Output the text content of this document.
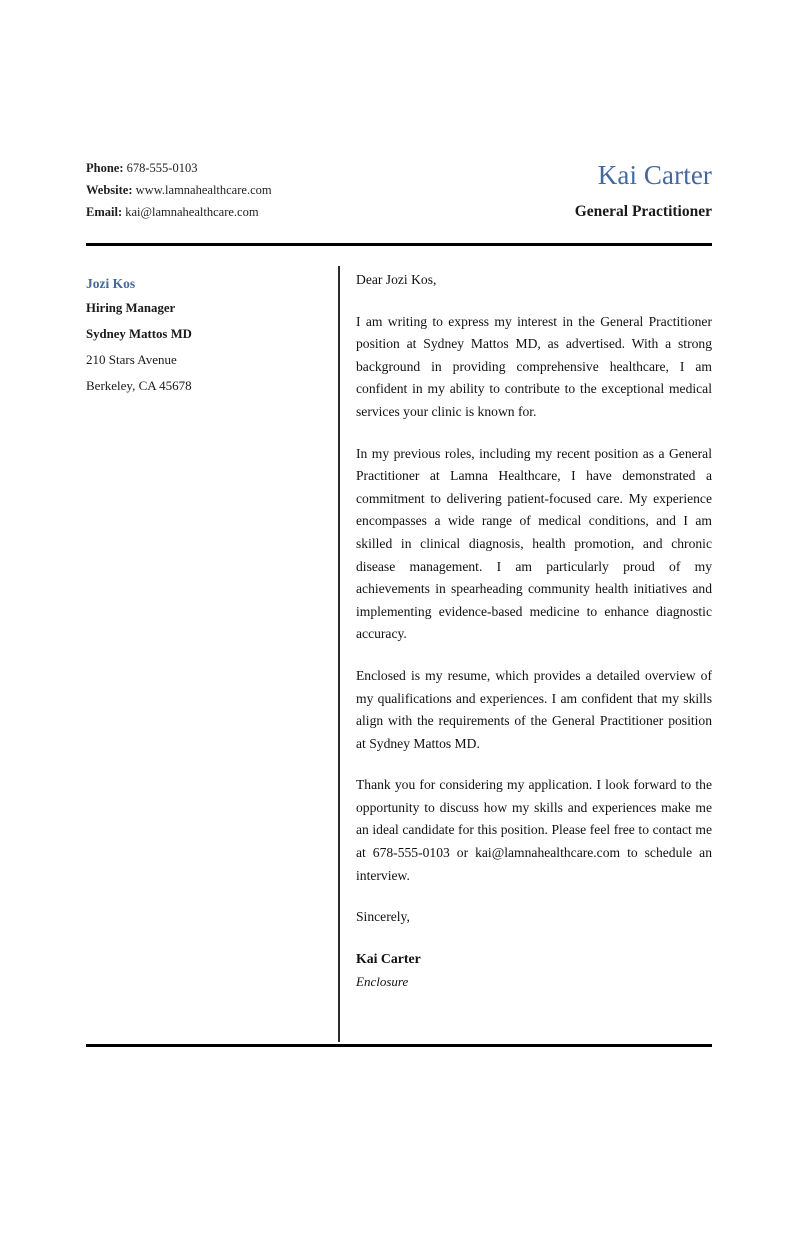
Phone: 678-555-0103
Website: www.lamnahealthcare.com
Email: kai@lamnahealthcare.com
Kai Carter
General Practitioner
Jozi Kos
Hiring Manager
Sydney Mattos MD
210 Stars Avenue
Berkeley, CA 45678

Dear Jozi Kos,

I am writing to express my interest in the General Practitioner position at Sydney Mattos MD, as advertised. With a strong background in providing comprehensive healthcare, I am confident in my ability to contribute to the exceptional medical services your clinic is known for.

In my previous roles, including my recent position as a General Practitioner at Lamna Healthcare, I have demonstrated a commitment to delivering patient-focused care. My experience encompasses a wide range of medical conditions, and I am skilled in clinical diagnosis, health promotion, and chronic disease management. I am particularly proud of my achievements in spearheading community health initiatives and implementing evidence-based medicine to enhance diagnostic accuracy.

Enclosed is my resume, which provides a detailed overview of my qualifications and experiences. I am confident that my skills align with the requirements of the General Practitioner position at Sydney Mattos MD.

Thank you for considering my application. I look forward to the opportunity to discuss how my skills and experiences make me an ideal candidate for this position. Please feel free to contact me at 678-555-0103 or kai@lamnahealthcare.com to schedule an interview.

Sincerely,

Kai Carter

Enclosure
